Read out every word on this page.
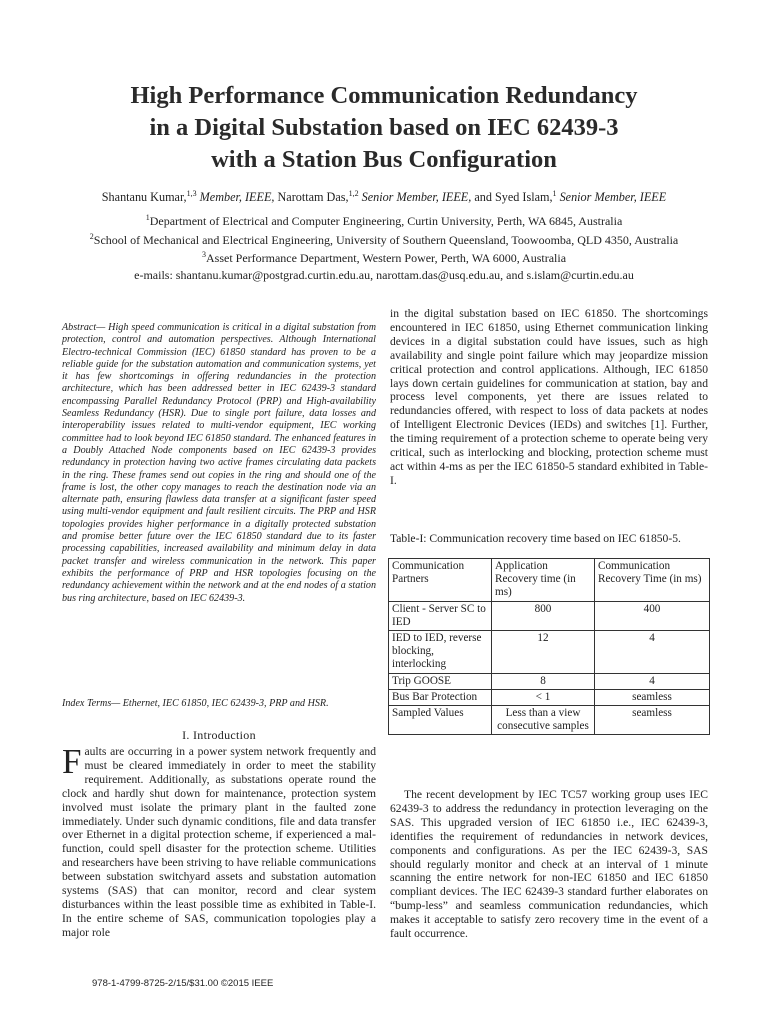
High Performance Communication Redundancy
in a Digital Substation based on IEC 62439-3
with a Station Bus Configuration
Shantanu Kumar,$^{1,3}$ Member, IEEE, Narottam Das,$^{1,2}$ Senior Member, IEEE, and Syed Islam,$^1$ Senior Member, IEEE
$^1$Department of Electrical and Computer Engineering, Curtin University, Perth, WA 6845, Australia
$^2$School of Mechanical and Electrical Engineering, University of Southern Queensland, Toowoomba, QLD 4350, Australia
$^3$Asset Performance Department, Western Power, Perth, WA 6000, Australia
e-mails: shantanu.kumar@postgrad.curtin.edu.au, narottam.das@usq.edu.au, and s.islam@curtin.edu.au
Abstract— High speed communication is critical in a digital substation from protection, control and automation perspectives. Although International Electro-technical Commission (IEC) 61850 standard has proven to be a reliable guide for the substation automation and communication systems, yet it has few shortcomings in offering redundancies in the protection architecture, which has been addressed better in IEC 62439-3 standard encompassing Parallel Redundancy Protocol (PRP) and High-availability Seamless Redundancy (HSR). Due to single port failure, data losses and interoperability issues related to multi-vendor equipment, IEC working committee had to look beyond IEC 61850 standard. The enhanced features in a Doubly Attached Node components based on IEC 62439-3 provides redundancy in protection having two active frames circulating data packets in the ring. These frames send out copies in the ring and should one of the frame is lost, the other copy manages to reach the destination node via an alternate path, ensuring flawless data transfer at a significant faster speed using multi-vendor equipment and fault resilient circuits. The PRP and HSR topologies provides higher performance in a digitally protected substation and promise better future over the IEC 61850 standard due to its faster processing capabilities, increased availability and minimum delay in data packet transfer and wireless communication in the network. This paper exhibits the performance of PRP and HSR topologies focusing on the redundancy achievement within the network and at the end nodes of a station bus ring architecture, based on IEC 62439-3.
Index Terms— Ethernet, IEC 61850, IEC 62439-3, PRP and HSR.
I. Introduction
Faults are occurring in a power system network frequently and must be cleared immediately in order to meet the stability requirement. Additionally, as substations operate round the clock and hardly shut down for maintenance, protection system involved must isolate the primary plant in the faulted zone immediately. Under such dynamic conditions, file and data transfer over Ethernet in a digital protection scheme, if experienced a mal-function, could spell disaster for the protection scheme. Utilities and researchers have been striving to have reliable communications between substation switchyard assets and substation automation systems (SAS) that can monitor, record and clear system disturbances within the least possible time as exhibited in Table-I. In the entire scheme of SAS, communication topologies play a major role
in the digital substation based on IEC 61850. The shortcomings encountered in IEC 61850, using Ethernet communication linking devices in a digital substation could have issues, such as high availability and single point failure which may jeopardize mission critical protection and control applications. Although, IEC 61850 lays down certain guidelines for communication at station, bay and process level components, yet there are issues related to redundancies offered, with respect to loss of data packets at nodes of Intelligent Electronic Devices (IEDs) and switches [1]. Further, the timing requirement of a protection scheme to operate being very critical, such as interlocking and blocking, protection scheme must act within 4-ms as per the IEC 61850-5 standard exhibited in Table-I.
Table-I: Communication recovery time based on IEC 61850-5.
Communication Partners	Application Recovery time (in ms)	Communication Recovery Time (in ms)
Client - Server SC to IED	800	400
IED to IED, reverse blocking, interlocking	12	4
Trip GOOSE	8	4
Bus Bar Protection	< 1	seamless
Sampled Values	Less than a view consecutive samples	seamless

The recent development by IEC TC57 working group uses IEC 62439-3 to address the redundancy in protection leveraging on the SAS. This upgraded version of IEC 61850 i.e., IEC 62439-3, identifies the requirement of redundancies in network devices, components and configurations. As per the IEC 62439-3, SAS should regularly monitor and check at an interval of 1 minute scanning the entire network for non-IEC 61850 and IEC 61850 compliant devices. The IEC 62439-3 standard further elaborates on “bump-less” and seamless communication redundancies, which makes it acceptable to satisfy zero recovery time in the event of a fault occurrence.

978-1-4799-8725-2/15/$31.00 ©2015 IEEE
